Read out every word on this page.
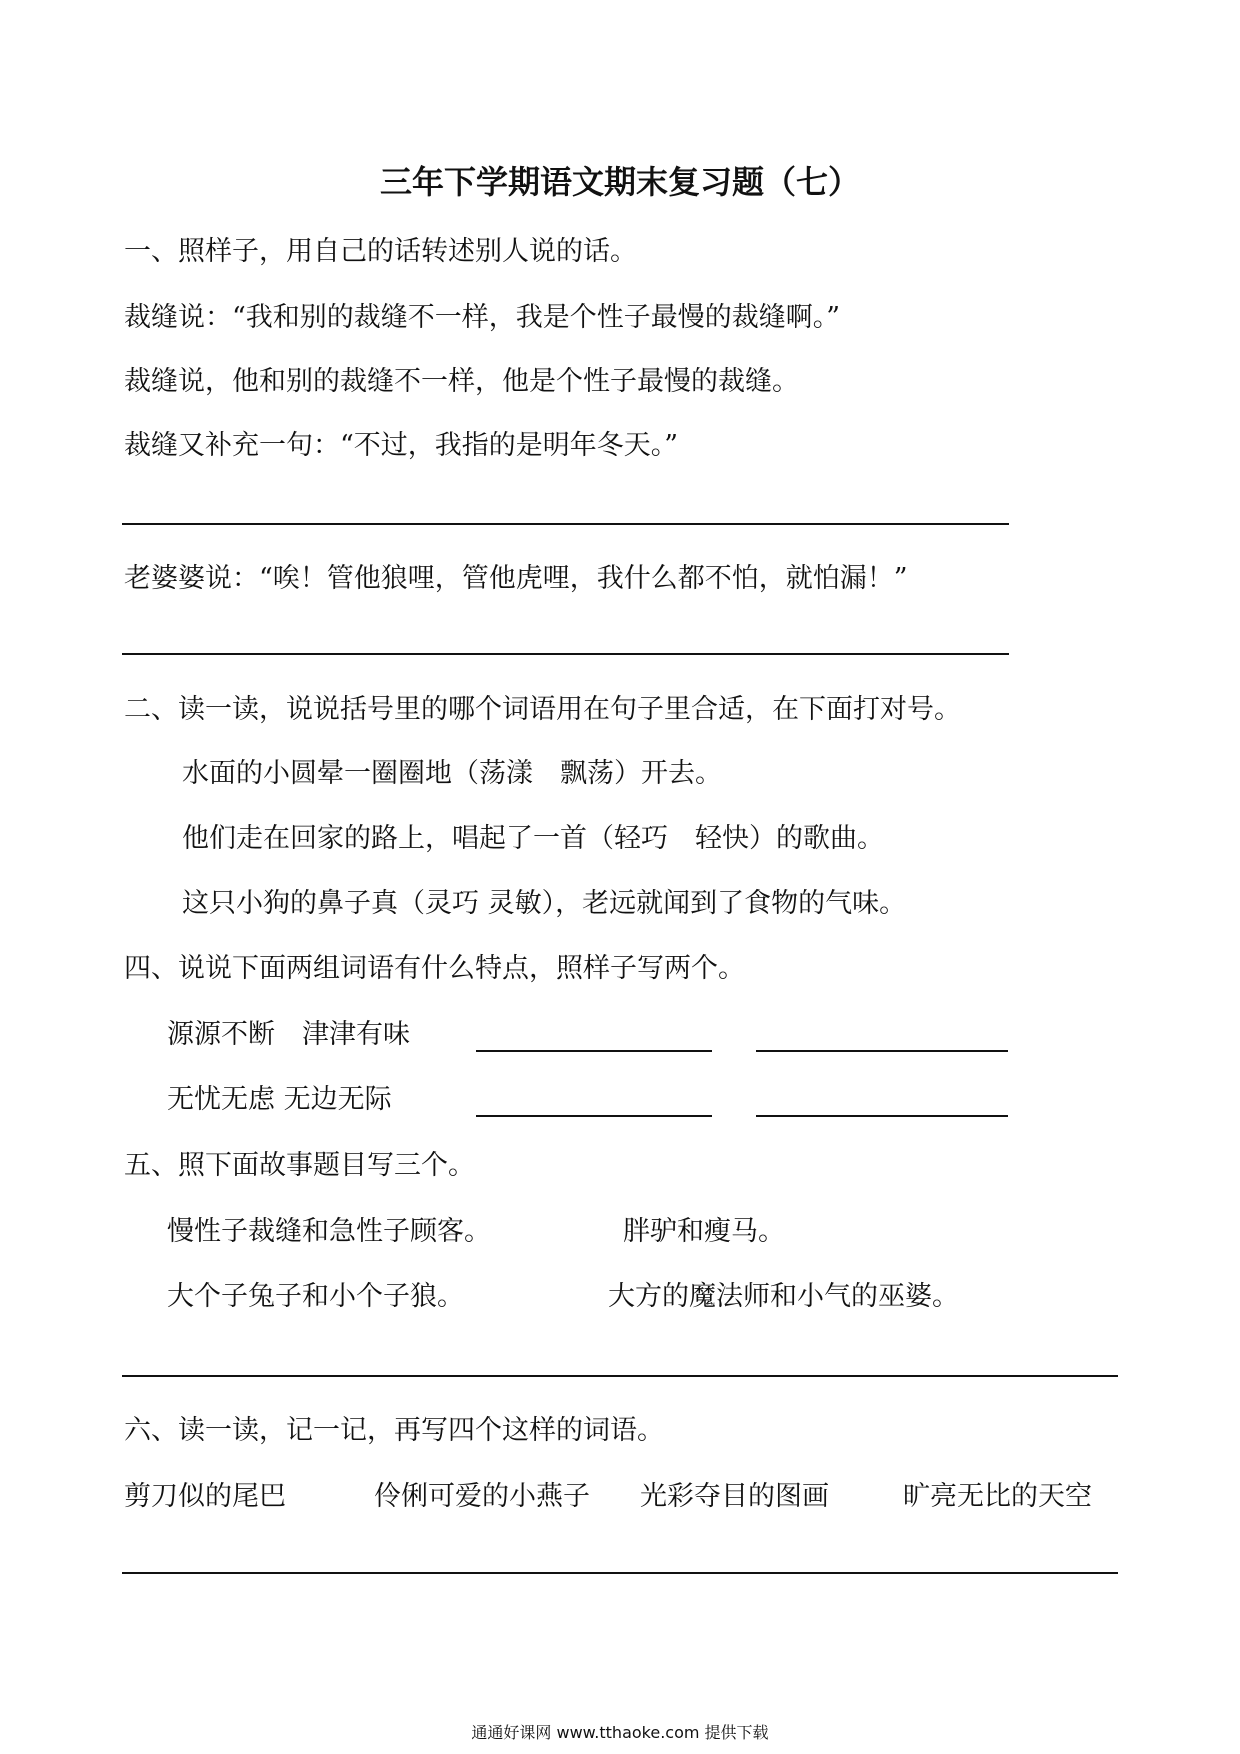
三年下学期语文期末复习题（七）
一、照样子，用自己的话转述别人说的话。
裁缝说：“我和别的裁缝不一样，我是个性子最慢的裁缝啊。”
裁缝说，他和别的裁缝不一样，他是个性子最慢的裁缝。
裁缝又补充一句：“不过，我指的是明年冬天。”
老婆婆说：“唉！管他狼哩，管他虎哩，我什么都不怕，就怕漏！”
二、读一读，说说括号里的哪个词语用在句子里合适，在下面打对号。
水面的小圆晕一圈圈地（荡漾　飘荡）开去。
他们走在回家的路上，唱起了一首（轻巧　轻快）的歌曲。
这只小狗的鼻子真（灵巧 灵敏），老远就闻到了食物的气味。
四、说说下面两组词语有什么特点，照样子写两个。
源源不断　津津有味
无忧无虑 无边无际
五、照下面故事题目写三个。
慢性子裁缝和急性子顾客。	胖驴和瘦马。
大个子兔子和小个子狼。	大方的魔法师和小气的巫婆。
六、读一读，记一记，再写四个这样的词语。
剪刀似的尾巴	伶俐可爱的小燕子 光彩夺目的图画	旷亮无比的天空
通通好课网 www.tthaoke.com 提供下载
